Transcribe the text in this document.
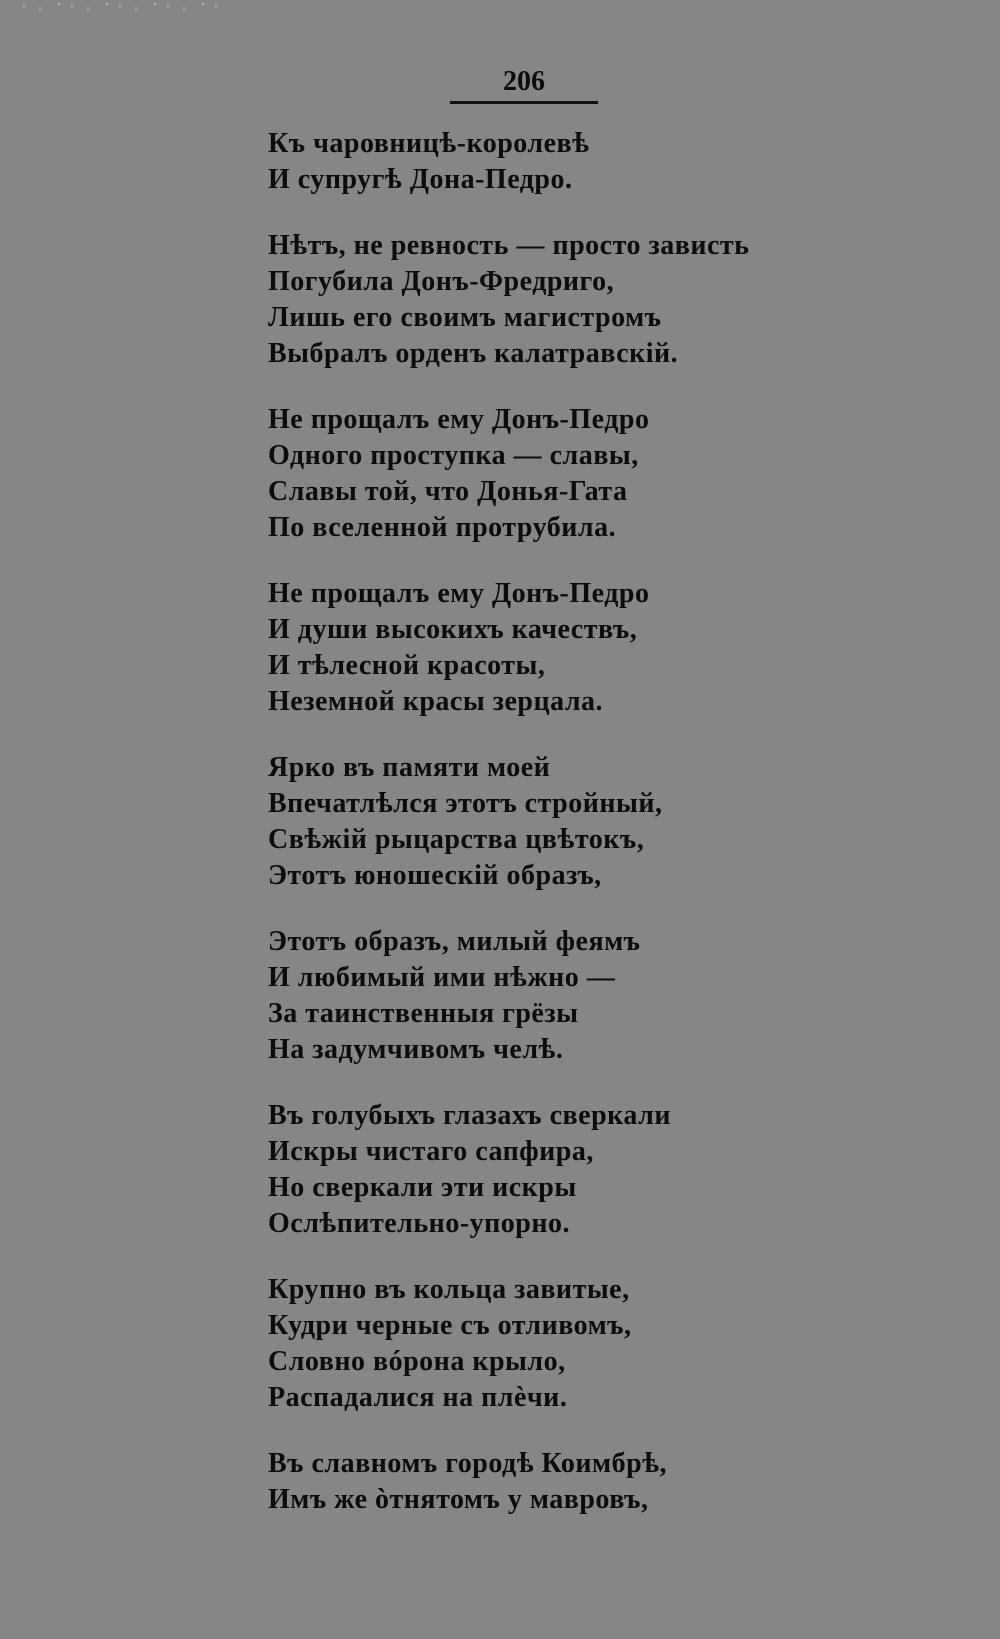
206
Къ чаровницѣ-королевѣ
И супругѣ Дона-Педро.
Нѣтъ, не ревность — просто зависть
Погубила Донъ-Фредриго,
Лишь его своимъ магистромъ
Выбралъ орденъ калатравскій.
Не прощалъ ему Донъ-Педро
Одного проступка — славы,
Славы той, что Донья-Гата
По вселенной протрубила.
Не прощалъ ему Донъ-Педро
И души высокихъ качествъ,
И тѣлесной красоты,
Неземной красы зерцала.
Ярко въ памяти моей
Впечатлѣлся этотъ стройный,
Свѣжій рыцарства цвѣтокъ,
Этотъ юношескій образъ,
Этотъ образъ, милый феямъ
И любимый ими нѣжно —
За таинственныя грёзы
На задумчивомъ челѣ.
Въ голубыхъ глазахъ сверкали
Искры чистаго сапфира,
Но сверкали эти искры
Ослѣпительно-упорно.
Крупно въ кольца завитые,
Кудри черные съ отливомъ,
Словно вóрона крыло,
Распадалися на плèчи.
Въ славномъ городѣ Коимбрѣ,
Имъ же òтнятомъ у мавровъ,
